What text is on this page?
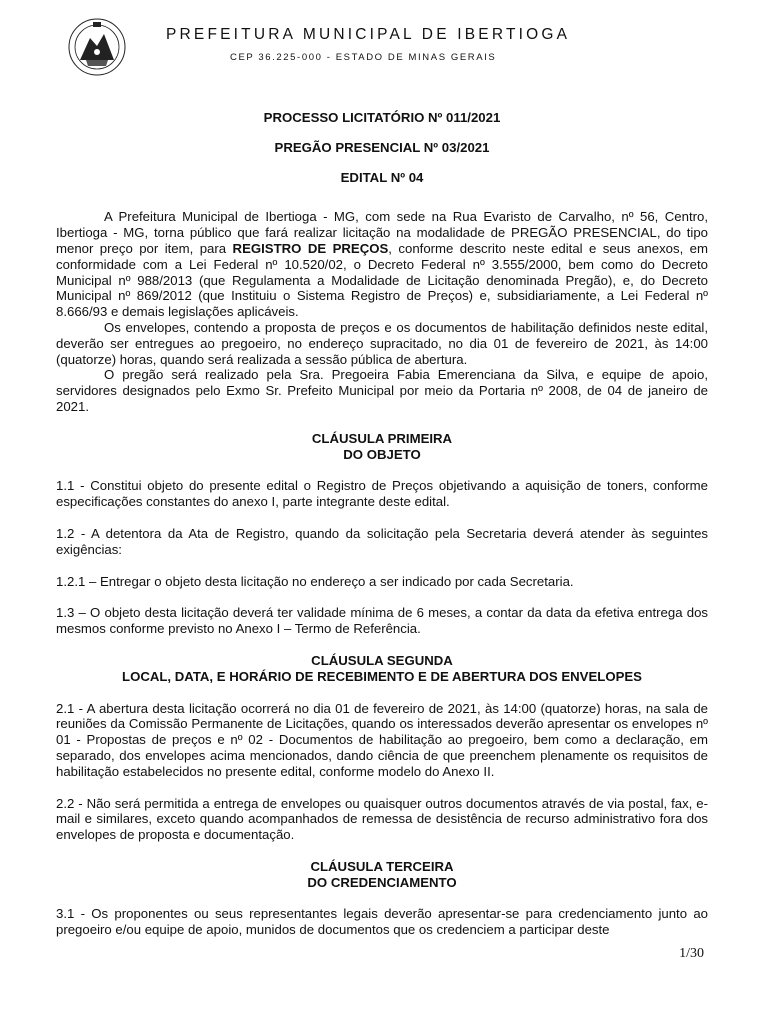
PREFEITURA MUNICIPAL DE IBERTIOGA
CEP 36.225-000 - ESTADO DE MINAS GERAIS
PROCESSO LICITATÓRIO Nº 011/2021
PREGÃO PRESENCIAL Nº 03/2021
EDITAL Nº 04

A Prefeitura Municipal de Ibertioga - MG, com sede na Rua Evaristo de Carvalho, nº 56, Centro, Ibertioga - MG, torna público que fará realizar licitação na modalidade de PREGÃO PRESENCIAL, do tipo menor preço por item, para REGISTRO DE PREÇOS, conforme descrito neste edital e seus anexos, em conformidade com a Lei Federal nº 10.520/02, o Decreto Federal nº 3.555/2000, bem como do Decreto Municipal nº 988/2013 (que Regulamenta a Modalidade de Licitação denominada Pregão), e, do Decreto Municipal nº 869/2012 (que Instituiu o Sistema Registro de Preços) e, subsidiariamente, a Lei Federal nº 8.666/93 e demais legislações aplicáveis.

Os envelopes, contendo a proposta de preços e os documentos de habilitação definidos neste edital, deverão ser entregues ao pregoeiro, no endereço supracitado, no dia 01 de fevereiro de 2021, às 14:00 (quatorze) horas, quando será realizada a sessão pública de abertura.

O pregão será realizado pela Sra. Pregoeira Fabia Emerenciana da Silva, e equipe de apoio, servidores designados pelo Exmo Sr. Prefeito Municipal por meio da Portaria nº 2008, de 04 de janeiro de 2021.

CLÁUSULA PRIMEIRA
DO OBJETO

1.1 - Constitui objeto do presente edital o Registro de Preços objetivando a aquisição de toners, conforme especificações constantes do anexo I, parte integrante deste edital.

1.2 - A detentora da Ata de Registro, quando da solicitação pela Secretaria deverá atender às seguintes exigências:

1.2.1 – Entregar o objeto desta licitação no endereço a ser indicado por cada Secretaria.

1.3 – O objeto desta licitação deverá ter validade mínima de 6 meses, a contar da data da efetiva entrega dos mesmos conforme previsto no Anexo I – Termo de Referência.

CLÁUSULA SEGUNDA
LOCAL, DATA, E HORÁRIO DE RECEBIMENTO E DE ABERTURA DOS ENVELOPES

2.1 - A abertura desta licitação ocorrerá no dia 01 de fevereiro de 2021, às 14:00 (quatorze) horas, na sala de reuniões da Comissão Permanente de Licitações, quando os interessados deverão apresentar os envelopes nº 01 - Propostas de preços e nº 02 - Documentos de habilitação ao pregoeiro, bem como a declaração, em separado, dos envelopes acima mencionados, dando ciência de que preenchem plenamente os requisitos de habilitação estabelecidos no presente edital, conforme modelo do Anexo II.

2.2 - Não será permitida a entrega de envelopes ou quaisquer outros documentos através de via postal, fax, e-mail e similares, exceto quando acompanhados de remessa de desistência de recurso administrativo fora dos envelopes de proposta e documentação.

CLÁUSULA TERCEIRA
DO CREDENCIAMENTO

3.1 - Os proponentes ou seus representantes legais deverão apresentar-se para credenciamento junto ao pregoeiro e/ou equipe de apoio, munidos de documentos que os credenciem a participar deste

1/30
